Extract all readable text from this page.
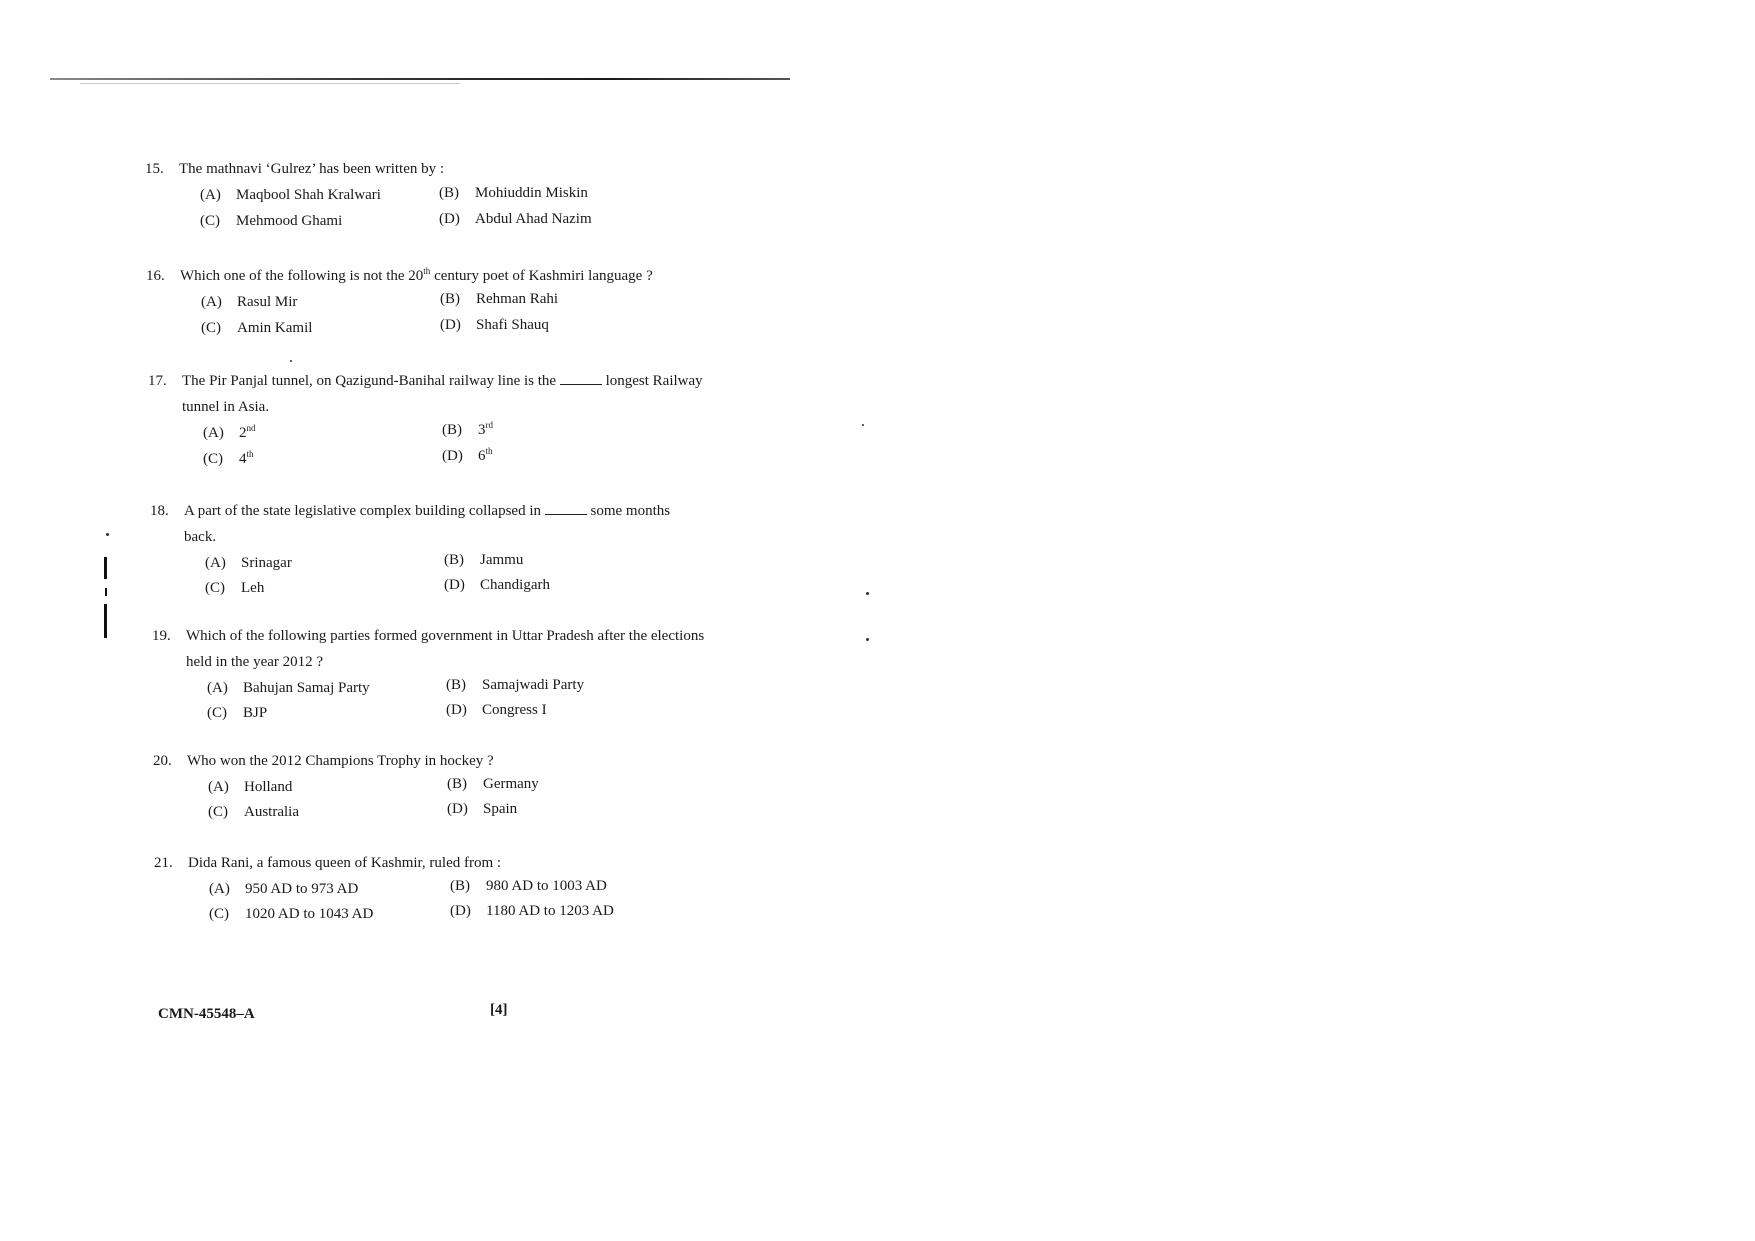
15.	The mathnavi ‘Gulrez’ has been written by :
(A) Maqbool Shah Kralwari	(B) Mohiuddin Miskin
(C) Mehmood Ghami	(D) Abdul Ahad Nazim
16.	Which one of the following is not the 20th century poet of Kashmiri language ?
(A) Rasul Mir	(B) Rehman Rahi
(C) Amin Kamil	(D) Shafi Shauq
17.	The Pir Panjal tunnel, on Qazigund-Banihal railway line is the	longest Railway
tunnel in Asia.
(A) 2nd	(B) 3rd
(C) 4th	(D) 6th
18.	A part of the state legislative complex building collapsed in	some months
back.
(A) Srinagar	(B) Jammu
(C) Leh	(D) Chandigarh
19.	Which of the following parties formed government in Uttar Pradesh after the elections
held in the year 2012 ?
(A) Bahujan Samaj Party	(B) Samajwadi Party
(C) BJP	(D) Congress I
20.	Who won the 2012 Champions Trophy in hockey ?
(A) Holland	(B) Germany
(C) Australia	(D) Spain
21.	Dida Rani, a famous queen of Kashmir, ruled from :
(A) 950 AD to 973 AD	(B) 980 AD to 1003 AD
(C) 1020 AD to 1043 AD	(D) 1180 AD to 1203 AD
CMN-45548–A	[4]
